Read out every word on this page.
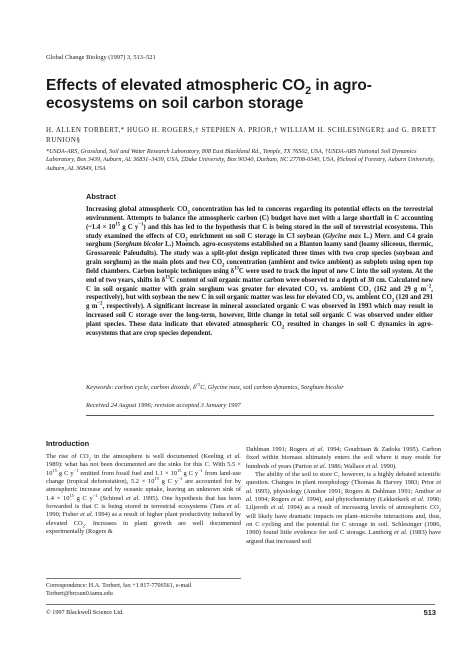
Global Change Biology (1997) 3, 513–521
Effects of elevated atmospheric $CO_2$ in agro-ecosystems on soil carbon storage
H. ALLEN TORBERT,* HUGO H. ROGERS,† STEPHEN A. PRIOR,† WILLIAM H. SCHLESINGER‡ and G. BRETT RUNION§
*USDA-ARS, Grassland, Soil and Water Research Laboratory, 808 East Blackland Rd., Temple, TX 76502, USA, †USDA-ARS National Soil Dynamics Laboratory, Box 3439, Auburn, AL 36831–3439, USA, ‡Duke University, Box 90340, Durham, NC 27708-0340, USA, §School of Forestry, Auburn University, Auburn, AL 36849, USA
Abstract
Increasing global atmospheric $CO_2$ concentration has led to concerns regarding its potential effects on the terrestrial environment. Attempts to balance the atmospheric carbon (C) budget have met with a large shortfall in C accounting (~1.4 × $10^{15}$ g C $y^{-1}$) and this has led to the hypothesis that C is being stored in the soil of terrestrial ecosystems. This study examined the effects of $CO_2$ enrichment on soil C storage in C3 soybean (Glycine max L.) Merr. and C4 grain sorghum (Sorghum bicolor L.) Moench. agro-ecosystems established on a Blanton loamy sand (loamy siliceous, thermic, Grossarenic Paleudults). The study was a split-plot design replicated three times with two crop species (soybean and grain sorghum) as the main plots and two $CO_2$ concentration (ambient and twice ambient) as subplots using open top field chambers. Carbon isotopic techniques using $\delta^{13}C$ were used to track the input of new C into the soil system. At the end of two years, shifts in $\delta^{13}C$ content of soil organic matter carbon were observed to a depth of 30 cm. Calculated new C in soil organic matter with grain sorghum was greater for elevated $CO_2$ vs. ambient $CO_2$ (162 and 29 g $m^{-2}$, respectively), but with soybean the new C in soil organic matter was less for elevated $CO_2$ vs. ambient $CO_2$ (120 and 291 g $m^{-2}$, respectively). A significant increase in mineral associated organic C was observed in 1993 which may result in increased soil C storage over the long-term, however, little change in total soil organic C was observed under either plant species. These data indicate that elevated atmospheric $CO_2$ resulted in changes in soil C dynamics in agro-ecosystems that are crop species dependent.
Keywords: carbon cycle, carbon dioxide, $\delta^{13}C$, Glycine max, soil carbon dynamics, Sorghum bicolor
Received 24 August 1996; revision accepted 3 January 1997
Introduction

The rise of $CO_2$ in the atmosphere is well documented (Keeling et al. 1989): what has not been documented are the sinks for this C. With $5.5 \times 10^{15}$ g C $y^{-1}$ emitted from fossil fuel and $1.1 \times 10^{15}$ g C $y^{-1}$ from land-use change (tropical deforestation), $5.2 \times 10^{15}$ g C $y^{-1}$ are accounted for by atmospheric increase and by oceanic uptake, leaving an unknown sink of $1.4 \times 10^{15}$ g C $y^{-1}$ (Schimel et al. 1995). One hypothesis that has been forwarded is that C is being stored in terrestrial ecosystems (Tans et al. 1990; Fisher et al. 1994) as a result of higher plant productivity induced by elevated $CO_2$. Increases in plant growth are well documented experimentally (Rogers &

Dahlman 1991; Rogers et al. 1994; Goudriaan & Zadoks 1995). Carbon fixed within biomass ultimately enters the soil where it may reside for hundreds of years (Parton et al. 1986; Wallace et al. 1990).

The ability of the soil to store C, however, is a highly debated scientific question. Changes in plant morphology (Thomas & Harvey 1983; Prior et al. 1995), physiology (Amthor 1991; Rogers & Dahlman 1991; Amthor et al. 1994; Rogers et al. 1994), and phytochemistry (Lekkerkerk et al. 1990; Liljeroth et al. 1994) as a result of increasing levels of atmospheric $CO_2$ will likely have dramatic impacts on plant–microbe interactions and, thus, on C cycling and the potential for C storage in soil. Schlesinger (1986, 1990) found little evidence for soil C storage. Lamborg et al. (1983) have argued that increased soil

Correspondence: H.A. Torbert, fax +1 817-7706561, e-mail Torbert@brcsun0.tamu.edu
© 1997 Blackwell Science Ltd.	513
